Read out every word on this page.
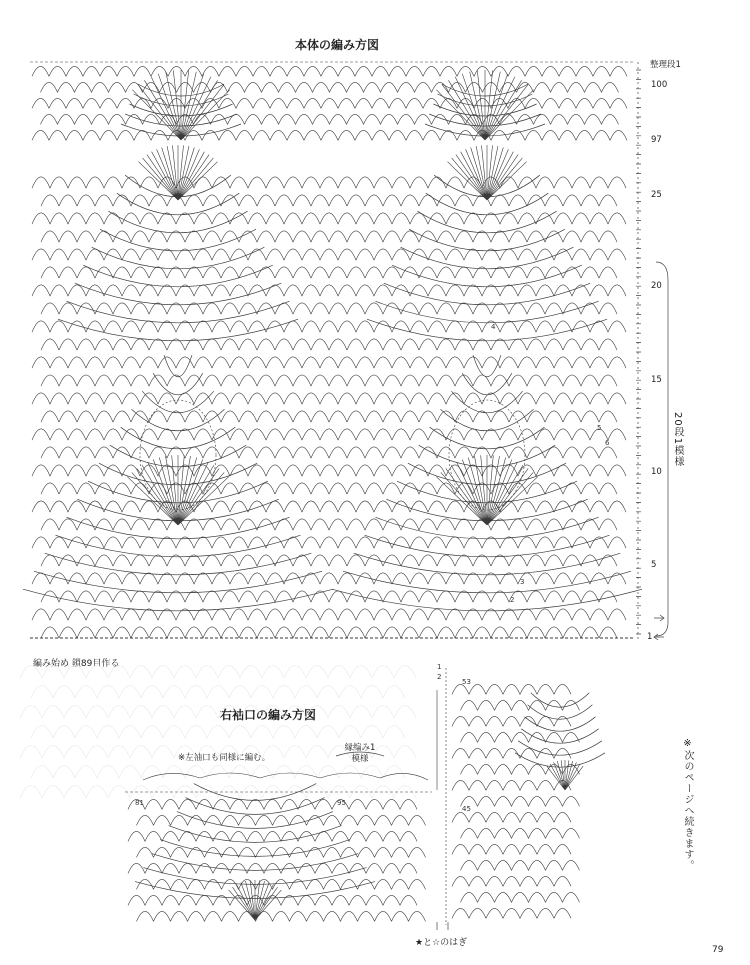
本体の編み方図
整理段1
100
97
25
20
15
10
5
1
20段1模様
2
3
4
5
6
編み始め 鎖89目作る
右袖口の編み方図
※左袖口も同様に編む。
縁編み1模様
1
2
81	95
53
45
★と☆のはぎ
※次のページへ続きます。
79
